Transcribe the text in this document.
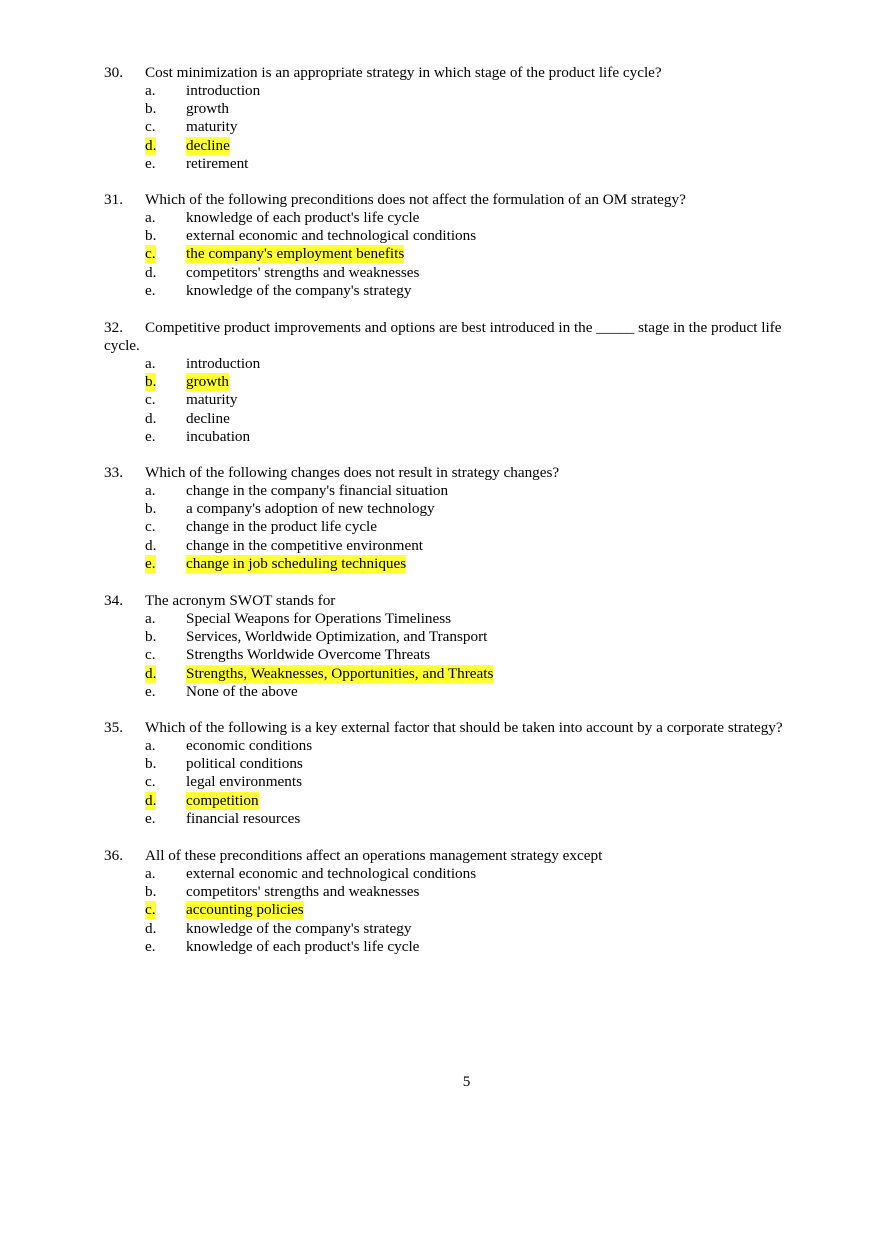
30. Cost minimization is an appropriate strategy in which stage of the product life cycle?
a. introduction
b. growth
c. maturity
d. decline
e. retirement
31. Which of the following preconditions does not affect the formulation of an OM strategy?
a. knowledge of each product's life cycle
b. external economic and technological conditions
c. the company's employment benefits
d. competitors' strengths and weaknesses
e. knowledge of the company's strategy
32. Competitive product improvements and options are best introduced in the _____ stage in the product life cycle.
a. introduction
b. growth
c. maturity
d. decline
e. incubation
33. Which of the following changes does not result in strategy changes?
a. change in the company's financial situation
b. a company's adoption of new technology
c. change in the product life cycle
d. change in the competitive environment
e. change in job scheduling techniques
34. The acronym SWOT stands for
a. Special Weapons for Operations Timeliness
b. Services, Worldwide Optimization, and Transport
c. Strengths Worldwide Overcome Threats
d. Strengths, Weaknesses, Opportunities, and Threats
e. None of the above
35. Which of the following is a key external factor that should be taken into account by a corporate strategy?
a. economic conditions
b. political conditions
c. legal environments
d. competition
e. financial resources
36. All of these preconditions affect an operations management strategy except
a. external economic and technological conditions
b. competitors' strengths and weaknesses
c. accounting policies
d. knowledge of the company's strategy
e. knowledge of each product's life cycle
5
